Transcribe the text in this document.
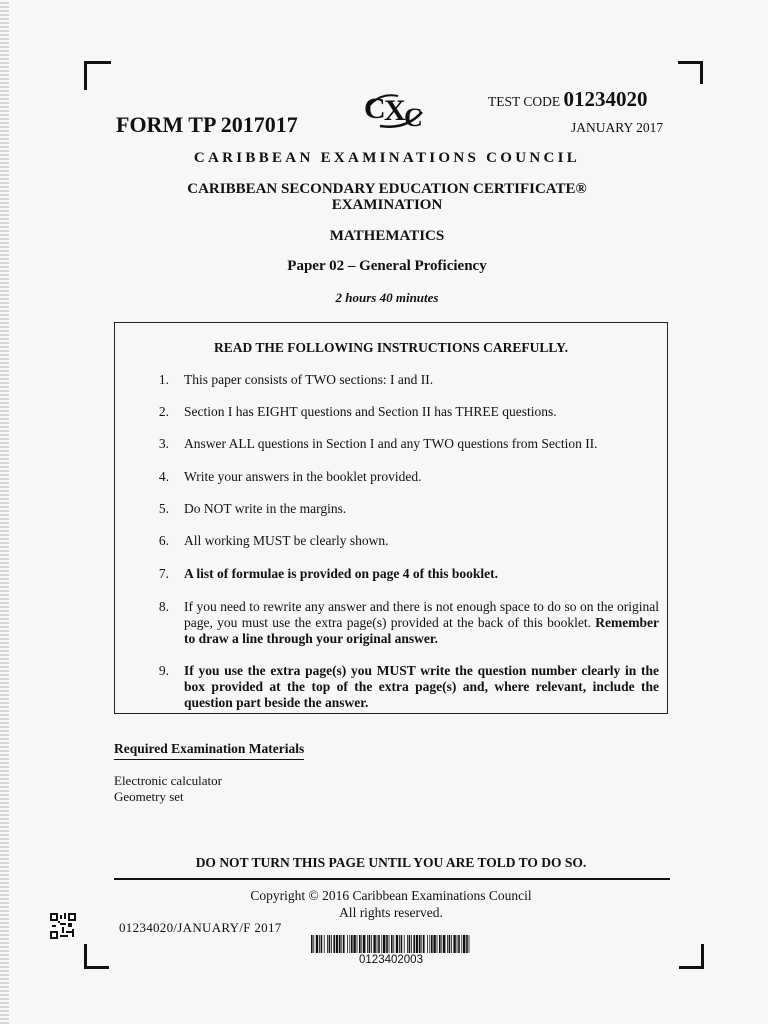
FORM TP 2017017 C
X
C
TEST CODE 01234020
JANUARY 2017
CARIBBEAN EXAMINATIONS COUNCIL
CARIBBEAN SECONDARY EDUCATION CERTIFICATE®
EXAMINATION
MATHEMATICS
Paper 02 – General Proficiency
2 hours 40 minutes
READ THE FOLLOWING INSTRUCTIONS CAREFULLY.
1. This paper consists of TWO sections: I and II.
2. Section I has EIGHT questions and Section II has THREE questions.
3. Answer ALL questions in Section I and any TWO questions from Section II.
4. Write your answers in the booklet provided.
5. Do NOT write in the margins.
6. All working MUST be clearly shown.
7. A list of formulae is provided on page 4 of this booklet.
8. If you need to rewrite any answer and there is not enough space to do so on the original page, you must use the extra page(s) provided at the back of this booklet. Remember to draw a line through your original answer.
9. If you use the extra page(s) you MUST write the question number clearly in the box provided at the top of the extra page(s) and, where relevant, include the question part beside the answer.
Required Examination Materials
Electronic calculator
Geometry set
DO NOT TURN THIS PAGE UNTIL YOU ARE TOLD TO DO SO.
Copyright © 2016 Caribbean Examinations Council
All rights reserved.
01234020/JANUARY/F 2017
0123402003
